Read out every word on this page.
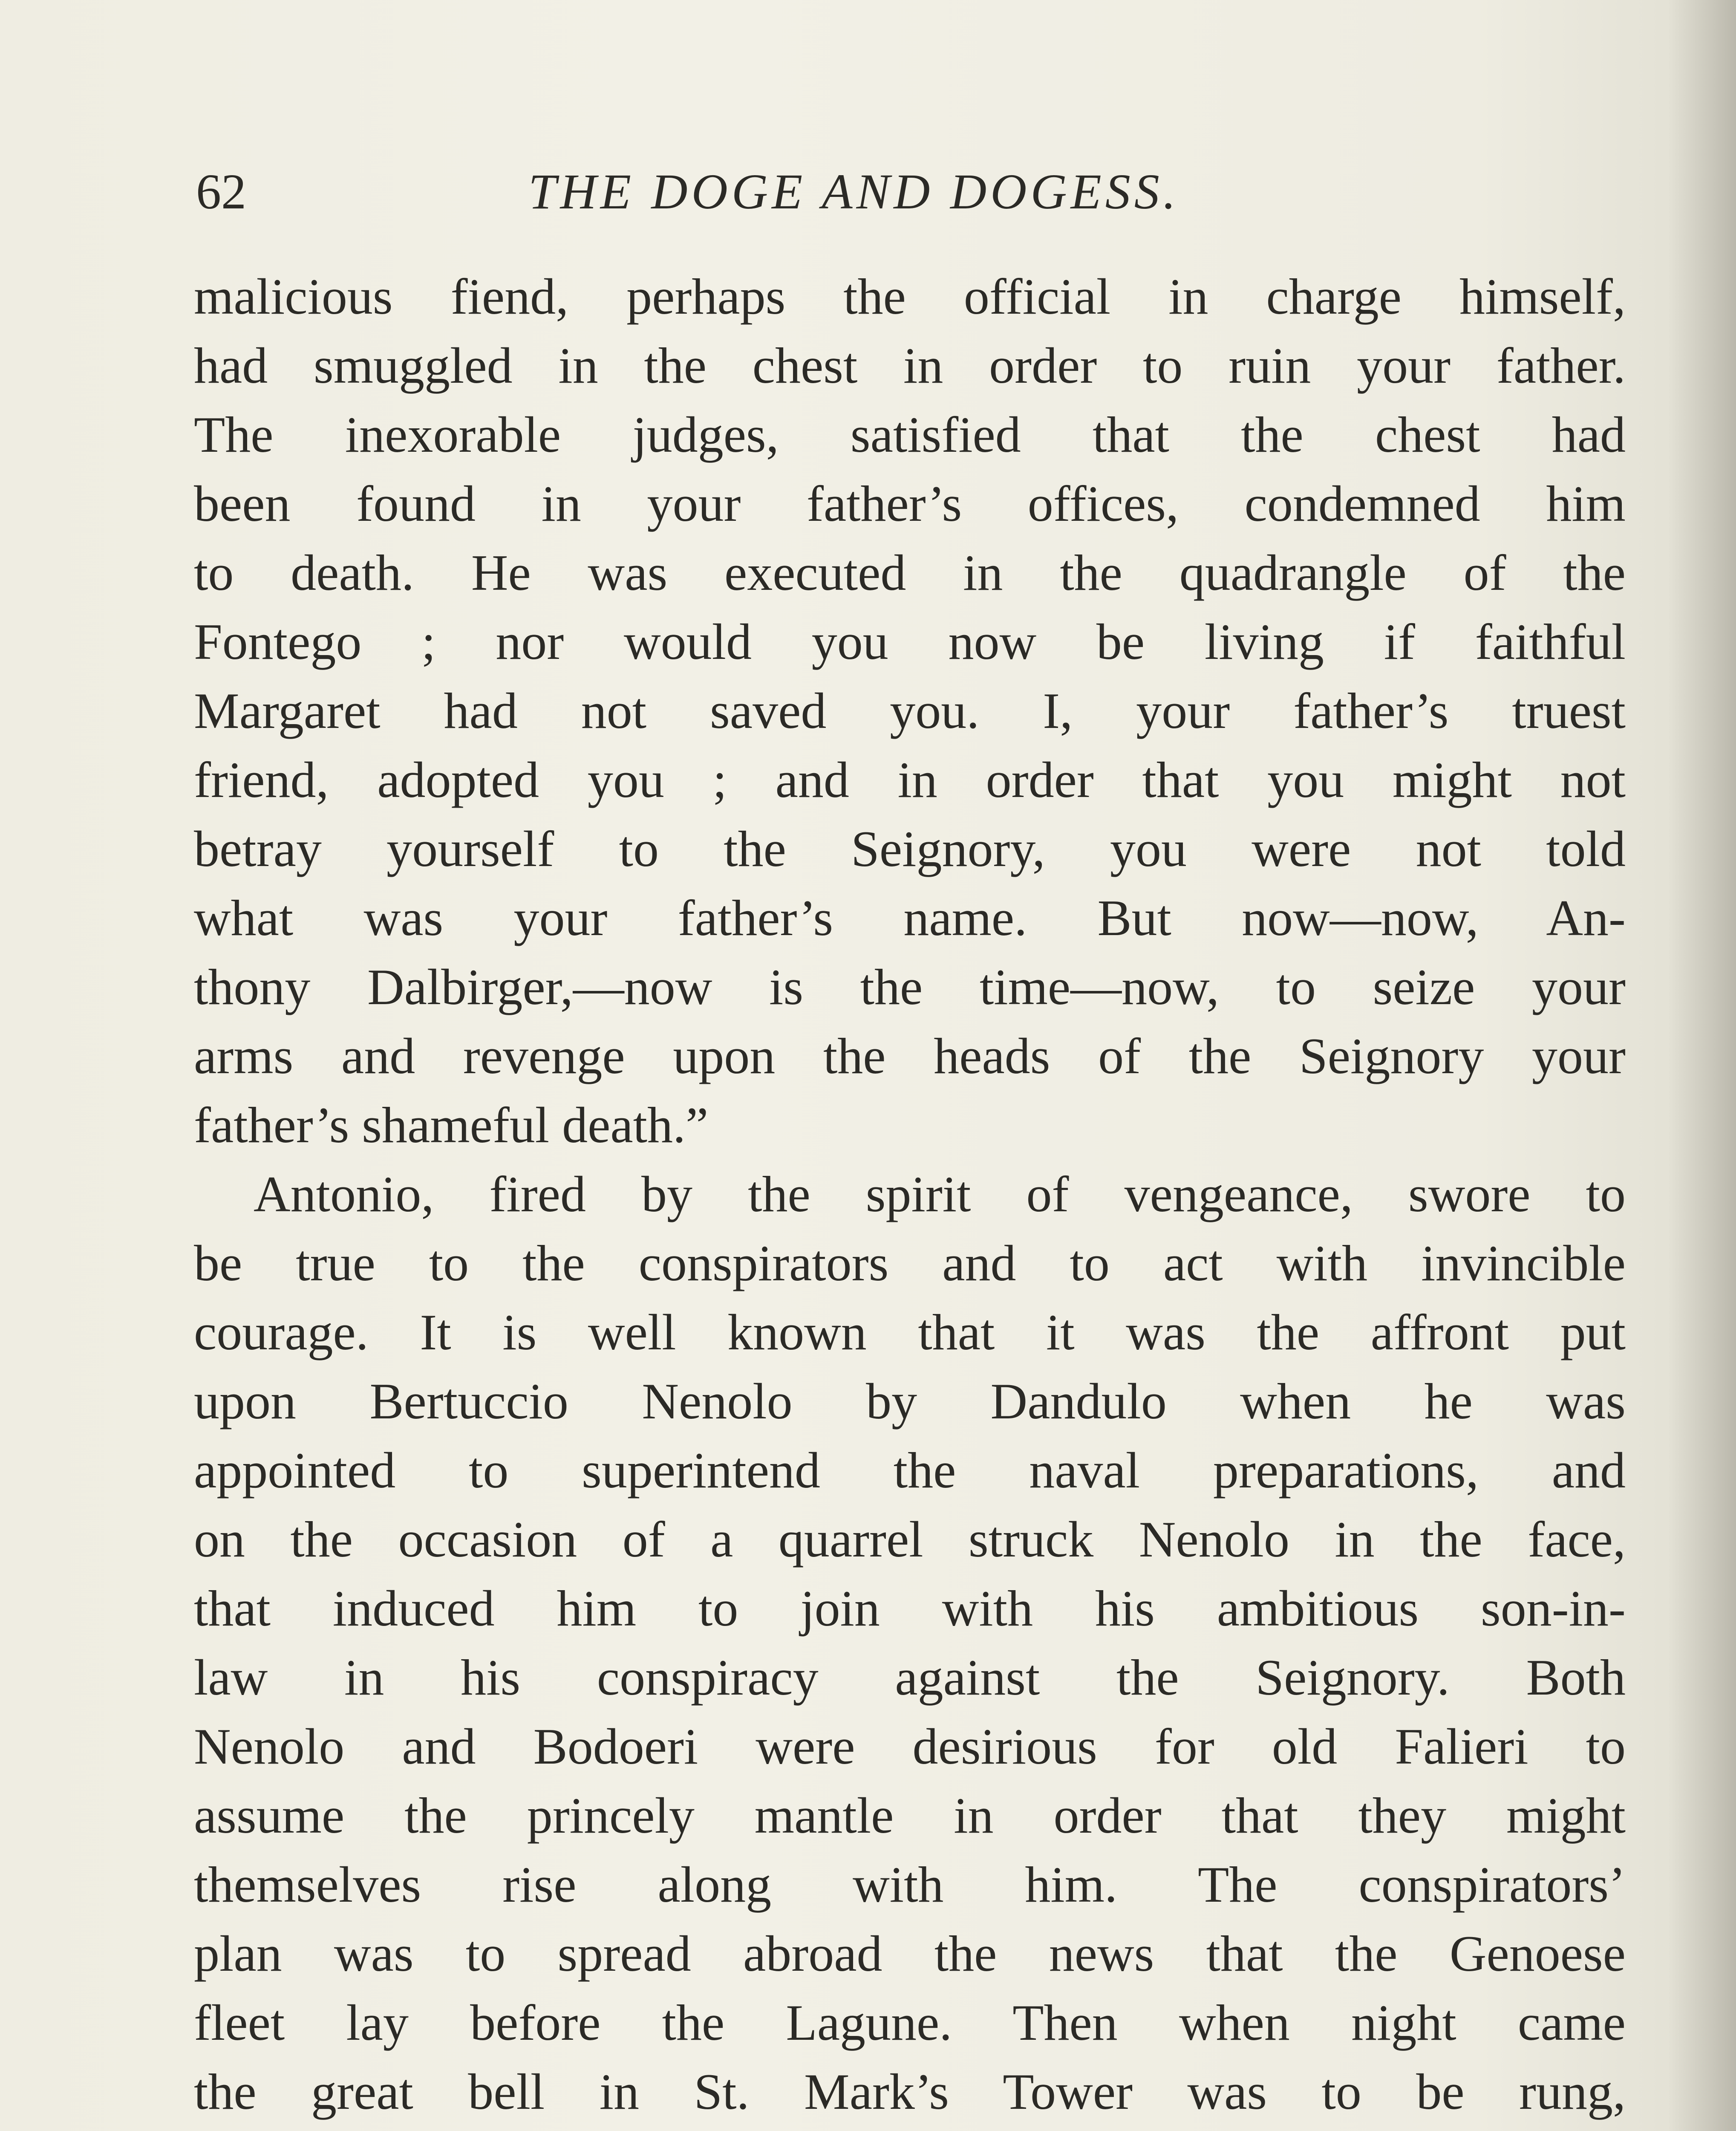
62	THE DOGE AND DOGESS.
malicious fiend, perhaps the official in charge himself,
had smuggled in the chest in order to ruin your father.
The inexorable judges, satisfied that the chest had
been found in your father’s offices, condemned him
to death. He was executed in the quadrangle of the
Fontego ; nor would you now be living if faithful
Margaret had not saved you. I, your father’s truest
friend, adopted you ; and in order that you might not
betray yourself to the Seignory, you were not told
what was your father’s name. But now—now, An-
thony Dalbirger,—now is the time—now, to seize your
arms and revenge upon the heads of the Seignory your
father’s shameful death.”
Antonio, fired by the spirit of vengeance, swore to
be true to the conspirators and to act with invincible
courage. It is well known that it was the affront put
upon Bertuccio Nenolo by Dandulo when he was
appointed to superintend the naval preparations, and
on the occasion of a quarrel struck Nenolo in the face,
that induced him to join with his ambitious son-in-
law in his conspiracy against the Seignory. Both
Nenolo and Bodoeri were desirious for old Falieri to
assume the princely mantle in order that they might
themselves rise along with him. The conspirators’
plan was to spread abroad the news that the Genoese
fleet lay before the Lagune. Then when night came
the great bell in St. Mark’s Tower was to be rung,
